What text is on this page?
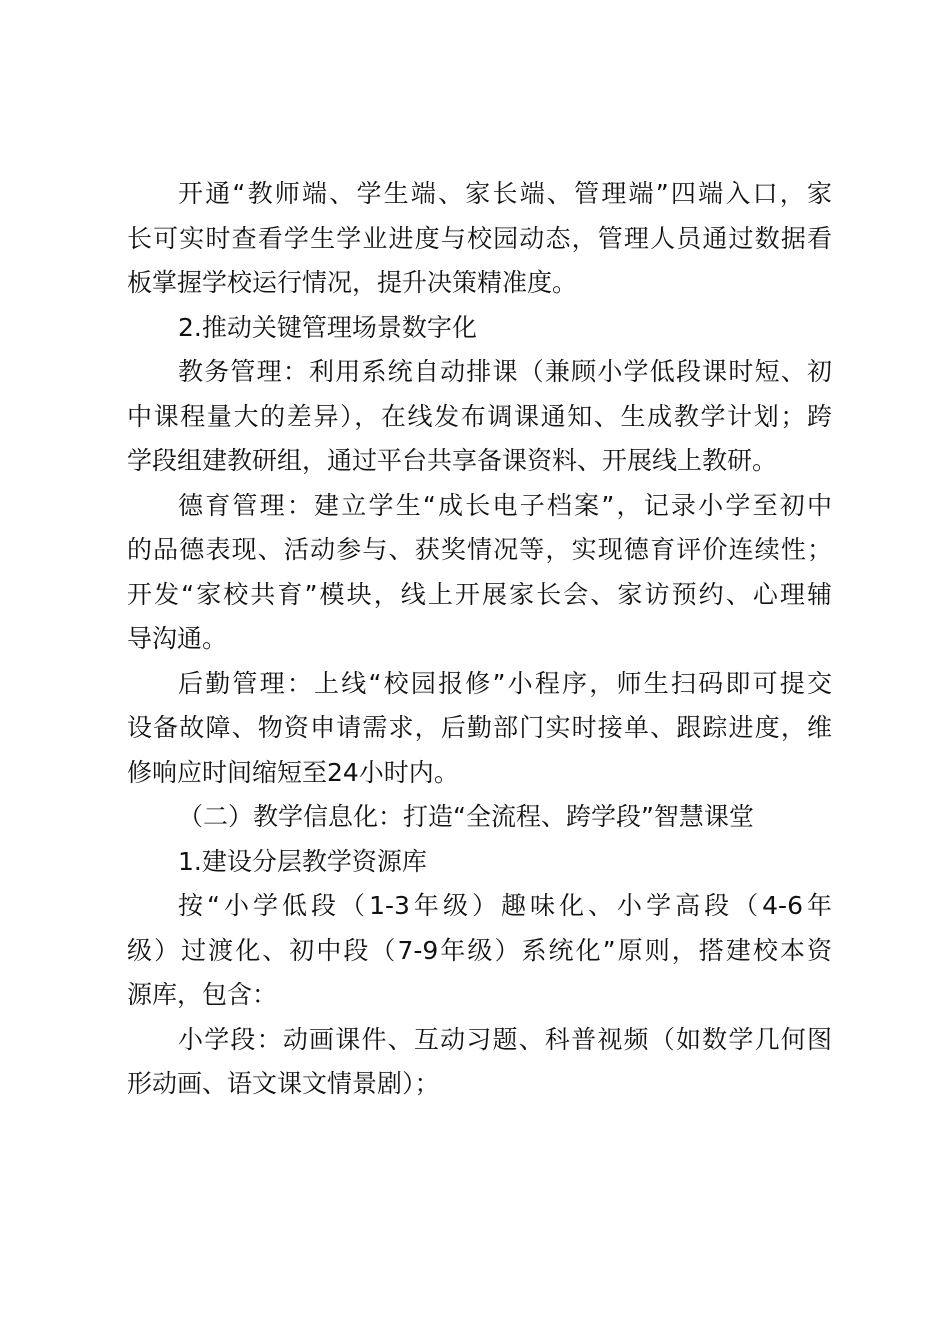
开通“教师端、学生端、家长端、管理端”四端入口，家
长可实时查看学生学业进度与校园动态，管理人员通过数据看
板掌握学校运行情况，提升决策精准度。
2.推动关键管理场景数字化
教务管理：利用系统自动排课（兼顾小学低段课时短、初
中课程量大的差异），在线发布调课通知、生成教学计划；跨
学段组建教研组，通过平台共享备课资料、开展线上教研。
德育管理：建立学生“成长电子档案”，记录小学至初中
的品德表现、活动参与、获奖情况等，实现德育评价连续性；
开发“家校共育”模块，线上开展家长会、家访预约、心理辅
导沟通。
后勤管理：上线“校园报修”小程序，师生扫码即可提交
设备故障、物资申请需求，后勤部门实时接单、跟踪进度，维
修响应时间缩短至24小时内。
（二）教学信息化：打造“全流程、跨学段”智慧课堂
1.建设分层教学资源库
按“小学低段（1-3年级）趣味化、小学高段（4-6年
级）过渡化、初中段（7-9年级）系统化”原则，搭建校本资
源库，包含：
小学段：动画课件、互动习题、科普视频（如数学几何图
形动画、语文课文情景剧）；
